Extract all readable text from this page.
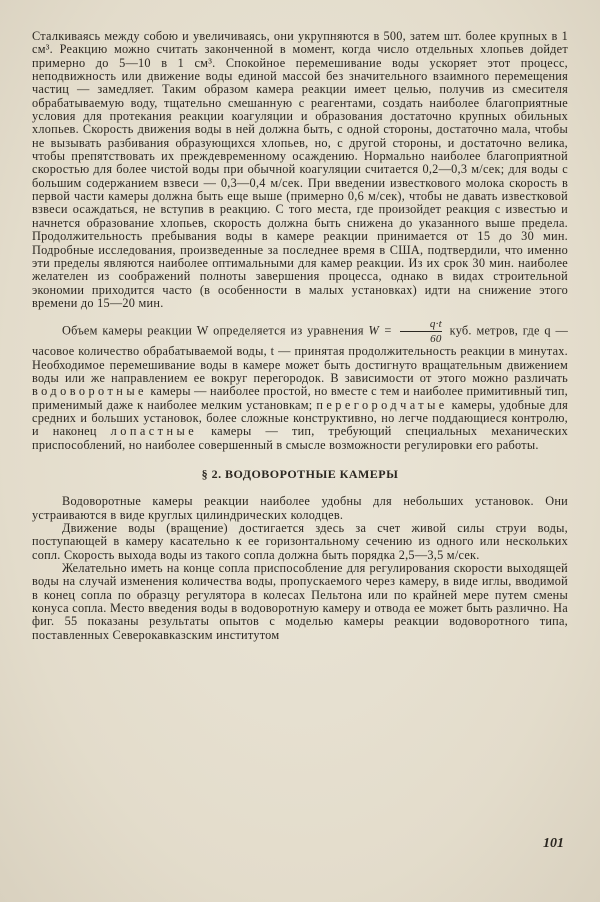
Сталкиваясь между собою и увеличиваясь, они укрупняются в 500, затем шт. более крупных в 1 см³. Реакцию можно считать законченной в момент, когда число отдельных хлопьев дойдет примерно до 5—10 в 1 см³. Спокойное перемешивание воды ускоряет этот процесс, неподвижность или движение воды единой массой без значительного взаимного перемещения частиц — замедляет. Таким образом камера реакции имеет целью, получив из смесителя обрабатываемую воду, тщательно смешанную с реагентами, создать наиболее благоприятные условия для протекания реакции коагуляции и образования достаточно крупных обильных хлопьев. Скорость движения воды в ней должна быть, с одной стороны, достаточно мала, чтобы не вызывать разбивания образующихся хлопьев, но, с другой стороны, и достаточно велика, чтобы препятствовать их преждевременному осаждению. Нормально наиболее благоприятной скоростью для более чистой воды при обычной коагуляции считается 0,2—0,3 м/сек; для воды с большим содержанием взвеси — 0,3—0,4 м/сек. При введении известкового молока скорость в первой части камеры должна быть еще выше (примерно 0,6 м/сек), чтобы не давать известковой взвеси осаждаться, не вступив в реакцию. С того места, где произойдет реакция с известью и начнется образование хлопьев, скорость должна быть снижена до указанного выше предела. Продолжительность пребывания воды в камере реакции принимается от 15 до 30 мин. Подробные исследования, произведенные за последнее время в США, подтвердили, что именно эти пределы являются наиболее оптимальными для камер реакции. Из их срок 30 мин. наиболее желателен из соображений полноты завершения процесса, однако в видах строительной экономии приходится часто (в особенности в малых установках) идти на снижение этого времени до 15—20 мин.

Объем камеры реакции W определяется из уравнения $W = \frac{q\cdot t}{60}$ куб. метров, где q — часовое количество обрабатываемой воды, t — принятая продолжительность реакции в минутах. Необходимое перемешивание воды в камере может быть достигнуто вращательным движением воды или же направлением ее вокруг перегородок. В зависимости от этого можно различать водоворотные камеры — наиболее простой, но вместе с тем и наиболее примитивный тип, применимый даже к наиболее мелким установкам; перегородчатые камеры, удобные для средних и больших установок, более сложные конструктивно, но легче поддающиеся контролю, и наконец лопастные камеры — тип, требующий специальных механических приспособлений, но наиболее совершенный в смысле возможности регулировки его работы.

§ 2. ВОДОВОРОТНЫЕ КАМЕРЫ

Водоворотные камеры реакции наиболее удобны для небольших установок. Они устраиваются в виде круглых цилиндрических колодцев.

Движение воды (вращение) достигается здесь за счет живой силы струи воды, поступающей в камеру касательно к ее горизонтальному сечению из одного или нескольких сопл. Скорость выхода воды из такого сопла должна быть порядка 2,5—3,5 м/сек.

Желательно иметь на конце сопла приспособление для регулирования скорости выходящей воды на случай изменения количества воды, пропускаемого через камеру, в виде иглы, вводимой в конец сопла по образцу регулятора в колесах Пельтона или по крайней мере путем смены конуса сопла. Место введения воды в водоворотную камеру и отвода ее может быть различно. На фиг. 55 показаны результаты опытов с моделью камеры реакции водоворотного типа, поставленных Северокавказским институтом

101
